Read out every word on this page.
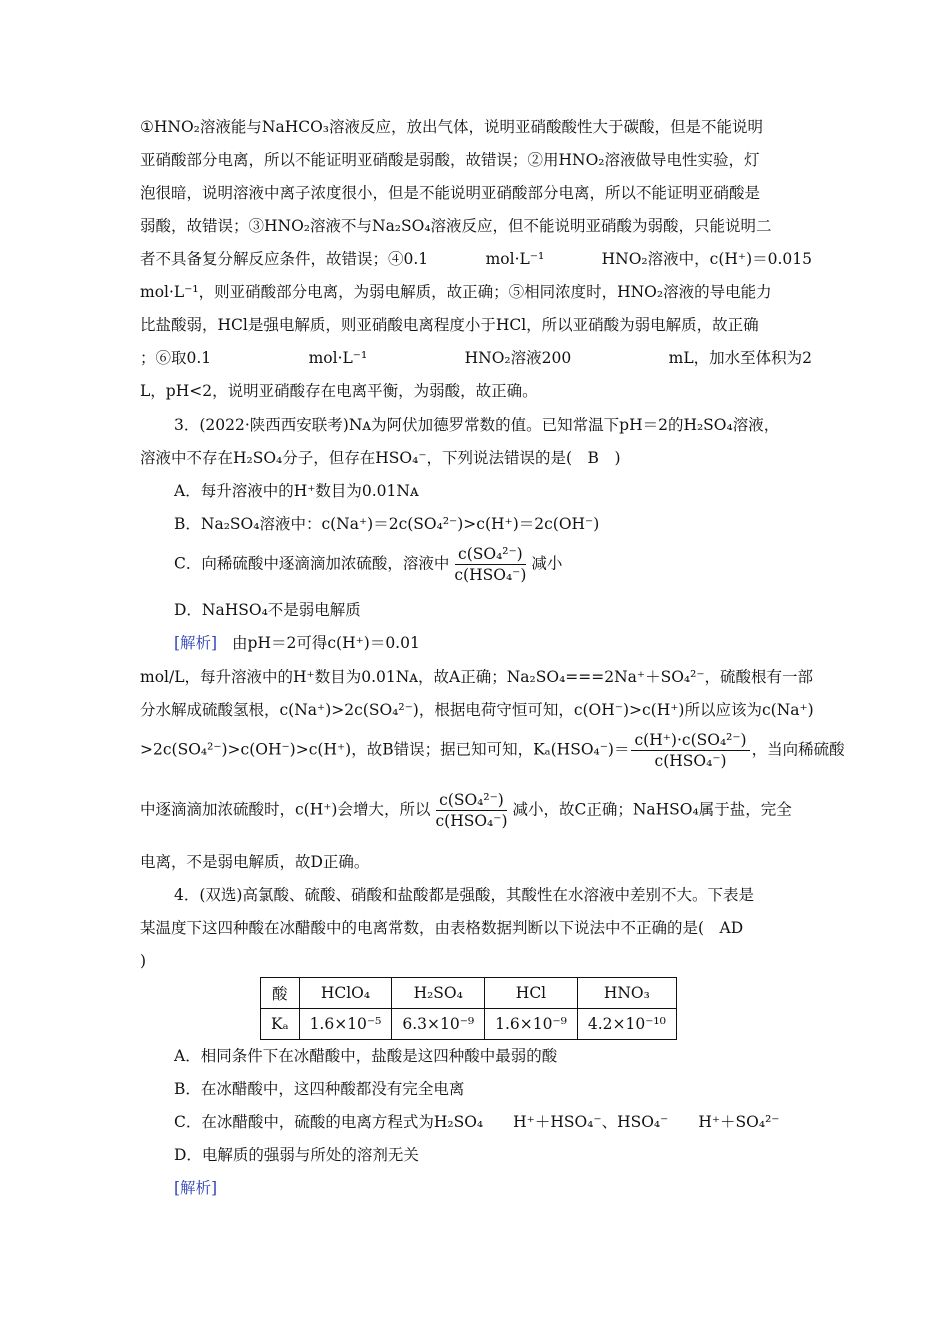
①HNO₂溶液能与NaHCO₃溶液反应，放出气体，说明亚硝酸酸性大于碳酸，但是不能说明
亚硝酸部分电离，所以不能证明亚硝酸是弱酸，故错误；②用HNO₂溶液做导电性实验，灯
泡很暗，说明溶液中离子浓度很小，但是不能说明亚硝酸部分电离，所以不能证明亚硝酸是
弱酸，故错误；③HNO₂溶液不与Na₂SO₄溶液反应，但不能说明亚硝酸为弱酸，只能说明二
者不具备复分解反应条件，故错误；④0.1	mol·L⁻¹	HNO₂溶液中，c(H⁺)＝0.015
mol·L⁻¹，则亚硝酸部分电离，为弱电解质，故正确；⑤相同浓度时，HNO₂溶液的导电能力
比盐酸弱，HCl是强电解质，则亚硝酸电离程度小于HCl，所以亚硝酸为弱电解质，故正确
；⑥取0.1	mol·L⁻¹	HNO₂溶液200	mL，加水至体积为2
L，pH<2，说明亚硝酸存在电离平衡，为弱酸，故正确。
3．(2022·陕西西安联考)Nᴀ为阿伏加德罗常数的值。已知常温下pH＝2的H₂SO₄溶液，
溶液中不存在H₂SO₄分子，但存在HSO₄⁻，下列说法错误的是(　B　)
A．每升溶液中的H⁺数目为0.01Nᴀ
B．Na₂SO₄溶液中：c(Na⁺)＝2c(SO₄²⁻)>c(H⁺)＝2c(OH⁻)
C．向稀硫酸中逐滴滴加浓硫酸，溶液中 $\frac{\text{c(SO₄²⁻)}}{\text{c(HSO₄⁻)}}$ 减小
D．NaHSO₄不是弱电解质
[解析] 由pH＝2可得c(H⁺)＝0.01
mol/L，每升溶液中的H⁺数目为0.01Nᴀ，故A正确；Na₂SO₄===2Na⁺＋SO₄²⁻，硫酸根有一部
分水解成硫酸氢根，c(Na⁺)>2c(SO₄²⁻)，根据电荷守恒可知，c(OH⁻)>c(H⁺)所以应该为c(Na⁺)
>2c(SO₄²⁻)>c(OH⁻)>c(H⁺)，故B错误；据已知可知，$K_a(HSO_4^-)= \frac{\text{c(H⁺)·c(SO₄²⁻)}}{\text{c(HSO₄⁻)}}$ ，当向稀硫酸
中逐滴滴加浓硫酸时，c(H⁺)会增大，所以 $\frac{\text{c(SO₄²⁻)}}{\text{c(HSO₄⁻)}}$ 减小，故C正确；NaHSO₄属于盐，完全
电离，不是弱电解质，故D正确。
4．(双选)高氯酸、硫酸、硝酸和盐酸都是强酸，其酸性在水溶液中差别不大。下表是
某温度下这四种酸在冰醋酸中的电离常数，由表格数据判断以下说法中不正确的是(　AD
)
酸	HClO₄	H₂SO₄	HCl	HNO₃
Kₐ	1.6×10⁻⁵	6.3×10⁻⁹	1.6×10⁻⁹	4.2×10⁻¹⁰
A．相同条件下在冰醋酸中，盐酸是这四种酸中最弱的酸
B．在冰醋酸中，这四种酸都没有完全电离
C．在冰醋酸中，硫酸的电离方程式为H₂SO₄ H⁺＋HSO₄⁻、HSO₄⁻ H⁺＋SO₄²⁻
D．电解质的强弱与所处的溶剂无关
[解析]
